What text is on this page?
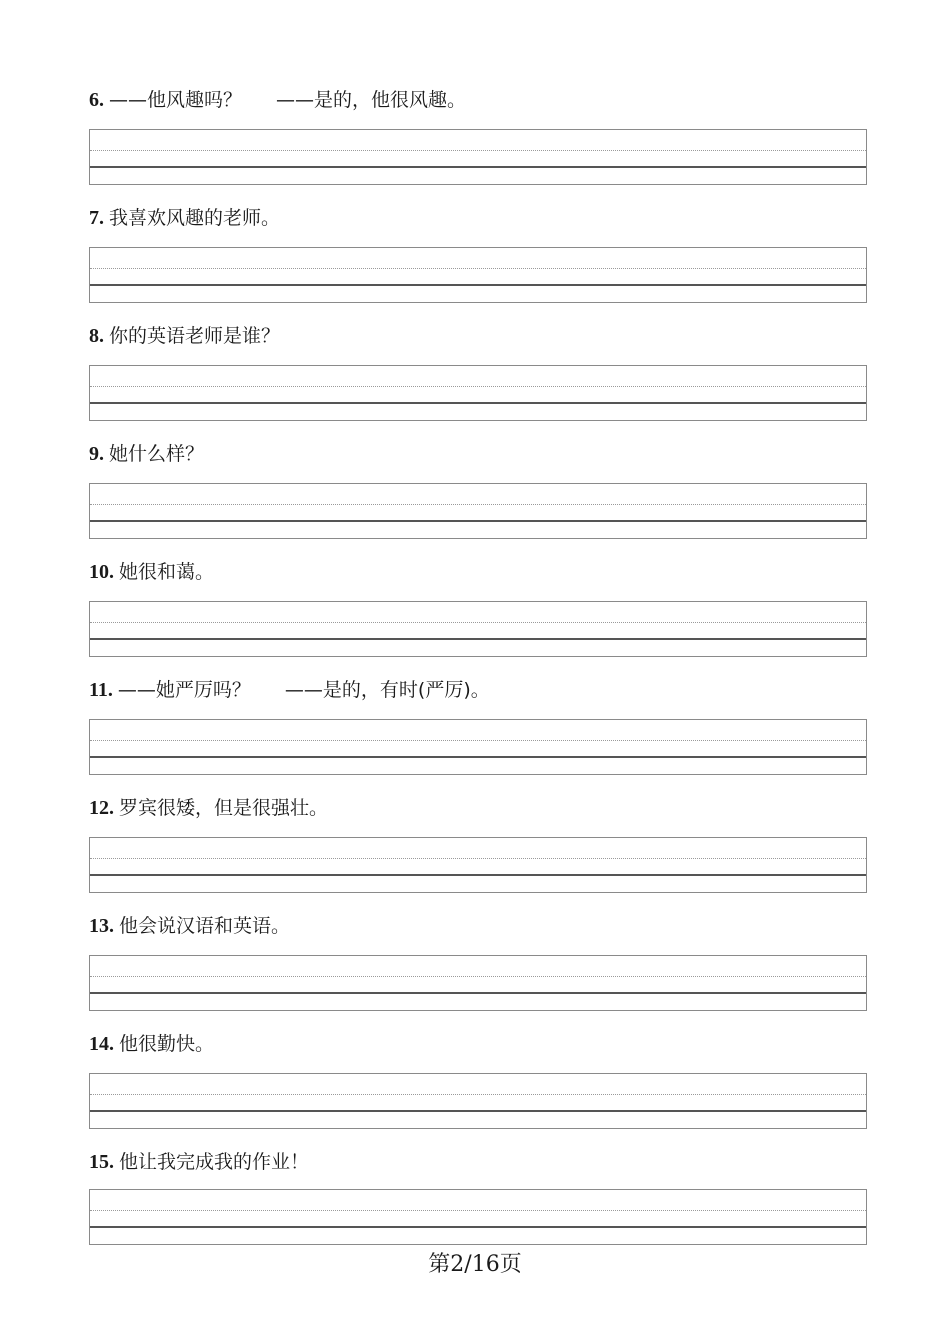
6. ——他风趣吗？ ——是的，他很风趣。
7. 我喜欢风趣的老师。
8. 你的英语老师是谁？
9. 她什么样？
10. 她很和蔼。
11. ——她严厉吗？ ——是的，有时(严厉)。
12. 罗宾很矮，但是很强壮。
13. 他会说汉语和英语。
14. 他很勤快。
15. 他让我完成我的作业！
第2/16页
